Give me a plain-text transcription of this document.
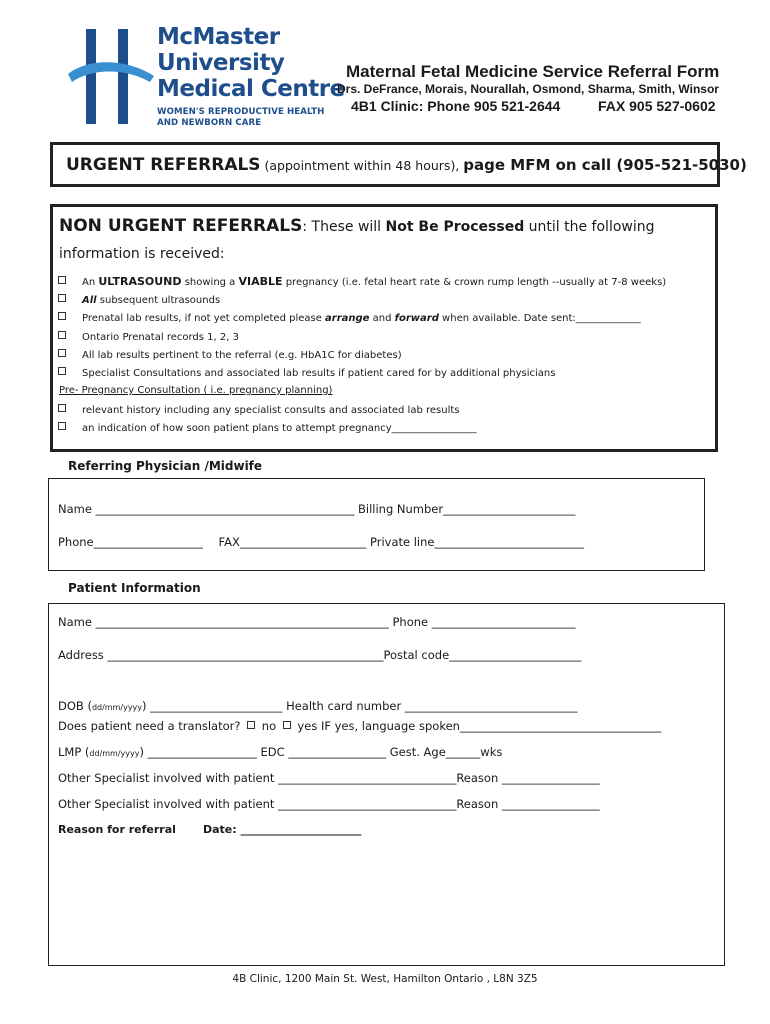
McMaster
University
Medical Centre
WOMEN'S REPRODUCTIVE HEALTH
AND NEWBORN CARE
Maternal Fetal Medicine Service Referral Form
Drs. DeFrance, Morais, Nourallah, Osmond, Sharma, Smith, Winsor
4B1 Clinic: Phone 905 521-2644	FAX 905 527-0602
URGENT REFERRALS (appointment within 48 hours), page MFM on call (905-521-5030)
NON URGENT REFERRALS: These will Not Be Processed until the following
information is received:
An ULTRASOUND showing a VIABLE pregnancy (i.e. fetal heart rate & crown rump length --usually at 7-8 weeks)
All subsequent ultrasounds
Prenatal lab results, if not yet completed please arrange and forward when available. Date sent:_____________
Ontario Prenatal records 1, 2, 3
All lab results pertinent to the referral (e.g. HbA1C for diabetes)
Specialist Consultations and associated lab results if patient cared for by additional physicians
Pre- Pregnancy Consultation ( i.e. pregnancy planning)
relevant history including any specialist consults and associated lab results
an indication of how soon patient plans to attempt pregnancy_________________
Referring Physician /Midwife
Name _____________________________________________ Billing Number_______________________
Phone___________________ FAX______________________ Private line__________________________
Patient Information
Name ___________________________________________________ Phone _________________________
Address ________________________________________________Postal code_______________________
DOB (dd/mm/yyyy) _______________________ Health card number ______________________________
Does patient need a translator?  no  yes IF yes, language spoken___________________________________
LMP (dd/mm/yyyy) ___________________ EDC _________________ Gest. Age______wks
Other Specialist involved with patient _______________________________Reason _________________
Other Specialist involved with patient _______________________________Reason _________________
Reason for referral Date: ______________________
4B Clinic, 1200 Main St. West, Hamilton Ontario , L8N 3Z5
